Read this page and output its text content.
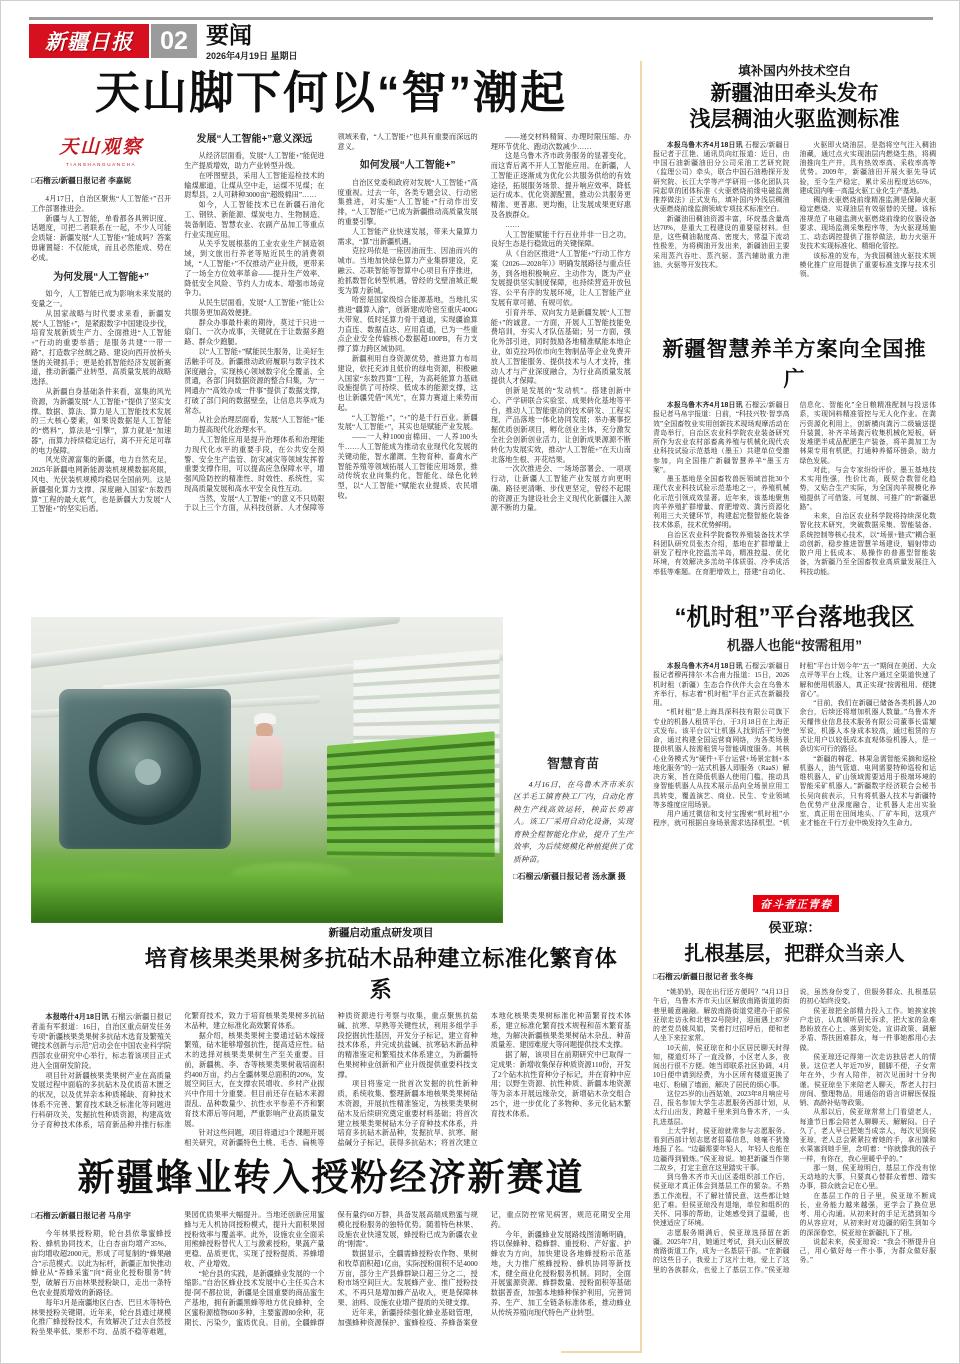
新疆日报	02 要闻
2026年4月19日 星期日
天山脚下何以“智”潮起
天山观察
TIANSHANGUANCHA

□石榴云/新疆日报记者 李嘉妮

4月17日，自治区聚焦“人工智能+”召开工作部署推进会。

新疆与人工智能，单看都各具辨识度、话题度，可把二者联系在一起，不少人可能会质疑：新疆发展“人工智能+”能成吗？答案毋庸置疑：不仅能成，而且必然能成、势在必成。

为何发展“人工智能+”

如今，人工智能已成为影响未来发展的变量之一。

从国家战略与时代要求来看，新疆发展“人工智能+”，是紧跟数字中国建设步伐，培育发展新质生产力、全面推进“人工智能+”行动的重要举措；是服务共建“一带一路”、打造数字丝绸之路、建设向西开放桥头堡的关键抓手；更是抢抓智能经济发展新赛道，推动新疆产业转型、高质量发展的战略选择。

从新疆自身基础条件来看，富集的风光资源，为新疆发展“人工智能+”提供了坚实支撑。数据、算法、算力是人工智能技术发展的三大核心要素，如果说数据是人工智能的“燃料”，算法是“引擎”，算力就是“加速器”，而算力持续稳定运行，离不开充足可靠的电力保障。

风光资源富集的新疆，电力自然充足，2025年新疆电网新能源装机规模数据亮眼，风电、光伏装机规模均稳居全国前列。这是新疆强化算力支撑、深度融入国家“东数西算”工程的最大底气，也是新疆大力发展“人工智能+”的坚实后盾。

发展“人工智能+”意义深远

从经济层面看，发展“人工智能+”能促进生产提质增效，助力产业转型升级。

在呼图壁县，采用人工智能巡检技术的输煤廊道，让煤从空中走，运煤不见煤；在尉犁县，2人可耕种3000亩“超级棉田”……

如今，人工智能技术已在新疆石油化工、钢铁、新能源、煤炭电力、生物制造、装备制造、智慧农业、农副产品加工等重点行业实现应用。

从关乎发展根基的工业农业生产制造领域，到文旅出行养老等贴近民生的消费领域，“人工智能+”不仅推动产业升级，更带来了一场全方位效率革命——提升生产效率、降低安全风险、节约人力成本、增强市场竞争力。

从民生层面看，发展“人工智能+”能让公共服务更加高效便捷。

群众办事最朴素的期待，莫过于只进一扇门、一次办成事，关键就在于让数据多跑路、群众少跑腿。

以“人工智能+”赋能民生服务，让美好生活触手可及。新疆推动政府履职与数字技术深度融合，实现核心领域数字化全覆盖、全贯通，各部门间数据资源的整合归集，为“一网通办”“高效办成一件事”提供了数据支撑，打破了部门间的数据壁垒，让信息共享成为常态。

从社会治理层面看，发展“人工智能+”能助力提高现代化治理水平。

人工智能应用是提升治理体系和治理能力现代化水平的重要手段，在公共安全预警、安全生产监管、防灾减灾等领域发挥着重要支撑作用，可以提高应急保障水平，增强风险防控的精准性、时效性、系统性，实现高质量发展和高水平安全良性互动。

当然，发展“人工智能+”的意义不只局限于以上三个方面，从科技创新、人才保障等领域来看，“人工智能+”也具有重要而深远的意义。

如何发展“人工智能+”

自治区党委和政府对发展“人工智能+”高度重视。过去一年，各类专题会议、行动密集推进，对实施“人工智能+”行动作出安排，“人工智能+”已成为新疆推动高质量发展的重要引擎。

人工智能产业快速发展，带来大量算力需求，“算”出新疆机遇。

克拉玛依是一座因油而生、因油而兴的城市。当地加快绿色算力产业集群建设，克融云、芯联智能等智算中心项目有序推进，抢抓数智化转型机遇，曾经的戈壁油城正蜕变为算力新城。

哈密是国家级综合能源基地，当地扎实推进“疆算入渝”，创新建成哈密至重庆400G大带宽、低时延算力骨干通道，实现疆渝算力直连、数据直达、应用直通，已为一些重点企业安全传输核心数据超100PB，有力支撑了算力跨区域协同。

新疆利用自身资源优势，推进算力布局建设，依托充沛且低价的绿电资源，积极融入国家“东数西算”工程，为高耗能算力基础设施提供了可持续、低成本的能源支撑，这也让新疆凭借“风光”，在算力赛道上乘势而起。

“人工智能+”，“+”的是千行百业。新疆发展“人工智能+”，其实也是赋能产业发展。

——一人种1000亩棉田、一人养100头牛……人工智能成为推动农业现代化发展的关键动能，智水灌溉、生物育种、畜禽水产智能养殖等领域拓展人工智能应用场景，推动传统农业向集约化、智能化、绿色化转型，以“人工智能+”赋能农业提质、农民增收。

——递交材料精简、办理时限压缩、办理环节优化、跑动次数减少……

这是乌鲁木齐市政务服务的显著变化，而这背后离不开人工智能应用。在新疆，人工智能正逐渐成为优化公共服务供给的有效途径，拓展服务场景、提升响应效率、降低运行成本、优化资源配置，推动公共服务更精准、更普惠、更均衡，让发展成果更好惠及各族群众。

……

人工智能赋能千行百业并非一日之功，良好生态是行稳致远的关键保障。

从《自治区推进“人工智能+”行动工作方案（2026—2028年）》明确发展路径与重点任务，到各地积极响应、主动作为，既为产业发展提供坚实制度保障，也持续营造开放包容、公平有序的发展环境，让人工智能产业发展有章可循、有规可依。

引育并举、双向发力是新疆发展“人工智能+”的诚意。一方面，开展人工智能技能免费培训，夯实人才队伍基础；另一方面，强化外部引进，同时鼓励各地精准赋能本地企业，如克拉玛依市向生物制品等企业免费开放人工智能服务、提供技术与人才支持，推动人才与产业深度融合，为行业高质量发展提供人才保障。

创新是发展的“发动机”。搭建创新中心、产学研联合实验室、成果转化基地等平台，推动人工智能驱动的技术研发、工程实现、产品落地一体化协同发展；举办赛事挖掘优质创新项目，孵化创业主体，充分激发全社会创新创业活力，让创新成果源源不断转化为发展实效，推动“人工智能+”在天山南北落地生根、开花结果。

一次次推进会、一场场部署会、一项项行动，让新疆人工智能产业发展方向更明确、路径更清晰、步伐更坚定，曾经不起眼的资源正为建设社会主义现代化新疆注入源源不断的力量。

填补国内外技术空白
新疆油田牵头发布
浅层稠油火驱监测标准

本报乌鲁木齐4月18日讯 石榴云/新疆日报记者于江艳、通讯员向红报道：近日，由中国石油新疆油田分公司采油工艺研究院（监理公司）牵头，联合中国石油勘探开发研究院、长江大学等产学研用一体化团队共同起草的团体标准《火驱燃烧前缘电磁监测推荐做法》正式发布，填补国内外浅层稠油火驱燃烧前缘监测领域专项技术标准空白。

新疆油田稠油资源丰富，环烷基含量高达70%，是重大工程建设的重要原材料。但是，这些稠油黏度高、密度大，常温下流动性极差，为将稠油开发出来，新疆油田主要采用蒸汽吞吐、蒸汽驱、蒸汽辅助重力泄油、火驱等开发技术。

火驱即火烧油层，是指将空气注入稠油油藏，通过点火实现油层内燃烧生热，将稠油推向生产井，具有热效率高、采收率高等优势。2009年，新疆油田开展火驱先导试验，至今生产稳定，累计采出程度达65%，建成国内唯一高温火驱工业化生产基地。

稠油火驱燃烧前缘精准监测是保障火驱稳定燃烧、实现油层有效驱替的关键。该标准规范了电磁监测火驱燃烧前缘的仪器设备要求、现场监测采集程序等，为火驱现场施工、动态调控提供了推荐做法，助力火驱开发技术实现标准化、精细化管控。

该标准的发布，为我国稠油火驱技术规模化推广应用提供了重要标准支撑与技术引领。

新疆智慧养羊方案向全国推广

本报乌鲁木齐4月18日讯 石榴云/新疆日报记者马帛宇报道：日前，“科技兴牧·智享高效”全国畜牧业实用创新技术现场观摩活动在青岛举行，自治区农业科学院农业装备研究所作为农业农村部畜禽养殖与机械化现代农业科技试验示范基地（墨玉）共建单位受邀参加，向全国推广新疆智慧养羊“墨玉方案”。

墨玉基地是全国畜牧兽医领域首批30个现代农业科技试验示范基地之一，养殖机械化示范引领成效显著。近年来，该基地聚焦肉羊养殖扩群增量、育肥增效、粪污资源化利用三大关键环节，构建起完整智能化装备技术体系，技术优势鲜明。

自治区农业科学院畜牧养殖装备技术学科团队研究员张杰介绍，基地在扩群增量上研发了程序化控温羔羊岛，精准控温、优化环境，有效解决多羔幼羊体质弱、冷季成活率低等难题。在育肥增效上，搭建“自动化、信息化、智能化”全日粮精准配制与投送体系，实现饲料精准管控与无人化作业。在粪污资源化利用上，创新横向粪污二级输送提升装置，补齐羊场粪污收集机械化短板，研发堆肥半成品配肥生产装备，将羊粪加工为林果专用有机肥，打通种养循环链条，助力绿色发展。

对此，与会专家纷纷评价，墨玉基地技术实用性强，性价比高，既契合数智化趋势，又贴合生产实际，为全国肉羊规模化养殖提供了可借鉴、可复制、可推广的“新疆思路”。

未来，自治区农业科学院将持续深化数智化技术研究，突破数据采集、智能装备、系统控制等核心技术，以“场景+链式”耦合驱动创新，稳步推进智慧羊场建设，辐射带动散户用上低成本、易操作的普惠型智能装备，为新疆乃至全国畜牧业高质量发展注入科技动能。

“机时租”平台落地我区
机器人也能“按需租用”

本报乌鲁木齐4月18日讯 石榴云/新疆日报记者穆再排尔·木合甫力报道：15日，2026机时租（新疆）生态合作伙伴大会在乌鲁木齐举行，标志着“机时租”平台正式在新疆投用。

“机时租”是上海具深科技有限公司旗下专业的机器人租赁平台，于3月18日在上海正式发布。该平台以“让机器人找到活干”为使命，通过构建全国运营商网络，为各类场景提供机器人按需租赁与智能调度服务。其核心业务模式为“硬件+平台运营+场景定制+本地化服务”的一站式机器人即服务（RaaS）解决方案，旨在降低机器人使用门槛，推动具身智能机器人从技术展示品向全场景应用工具转变，覆盖演艺、商业、民生、专业领域等多维度应用场景。

用户通过微信和支付宝搜索“机时租”小程序，就可根据自身场景需求选择机型。“机时租”平台计划今年“五一”期间在美团、大众点评等平台上线，让客户通过全渠道快速了解和使用机器人，真正实现“按需租用、便捷省心”。

“目前，我们在新疆已储备各类机器人20余台，后续还将增加机器人数量。”乌鲁木齐天耀伟业信息技术服务有限公司董事长雷耀军说，机器人本身成本较高，通过租赁的方式让用户以较低成本直观体验机器人，是一条切实可行的路径。

“新疆的棉花、林果急需智能采摘和巡检机器人，油气管道、电网需要特种巡检和运维机器人，矿山领域需要适用于极端环境的智能采矿机器人。”新疆数字经济联合会秘书长吴向前表示，只有将机器人技术与新疆特色优势产业深度融合，让机器人走出实验室，真正用在田间地头、厂矿车间，这项产业才能在千行万业中焕发持久生命力。

奋斗者正青春
侯亚琼：
扎根基层，把群众当亲人
□石榴云/新疆日报记者 张冬梅

“姚奶奶，现在出行还方便吗？”4月13日午后，乌鲁木齐市天山区解放南路街道的街巷里暖意融融。解放南路街道党建办干部侯亚琼走访永和北巷22号院时，迎面遇上87岁的老党员姚凤娟，笑着打过招呼后，便和老人坐下来拉家常。

10天前，侯亚琼在和小区居民聊天时得知，楼道灯坏了一直没修，小区老人多，夜间出行很不方便。她当即联系社区协调，4月10日便申请到经费，为小区所有楼道更换了电灯、粉刷了墙面，解决了居民的烦心事。

这位25岁的山西姑娘，2023年8月响应号召，报名参加大学生志愿服务西部计划，从太行山出发，跨越千里来到乌鲁木齐，一头扎进基层。

上大学时，侯亚琼就常参与志愿服务。看到西部计划志愿者招募信息，她毫不犹豫地报了名。“边疆需要年轻人，年轻人也能在边疆得到锻炼。”侯亚琼说。她把新疆当作第二故乡，打定主意在这里踏实干事。

到乌鲁木齐市天山区委组织部工作后，侯亚琼才真正体会到基层工作的繁杂。不熟悉工作流程，不了解社情民意，这些都让她犯了难。但侯亚琼没有退缩，单位和组织的关怀、同事的帮助，让她感受到了温暖，也快速适应了环境。

志愿服务期满后，侯亚琼选择留在新疆。2025年7月，她通过考试，到天山区解放南路街道工作，成为一名基层干部。“在新疆的这些日子，我爱上了这片土地，爱上了这里的各族群众，也爱上了基层工作。”侯亚琼说，虽然身份变了，但服务群众、扎根基层的初心始终没变。

侯亚琼把全部精力投入工作。她挨家挨户走访，认真倾听居民诉求，把大家的急难愁盼放在心上、落到实处。宣讲政策、调解矛盾、帮扶困难群众，每一件事她都用心去做。

侯亚琼还记得第一次走访独居老人的情景。这位老人年近70岁，腿脚不便，子女常年在外，少有人陪伴，初次见面时十分拘谨。侯亚琼坐下来陪老人聊天，帮老人打扫房间、整理物品，用通俗的语言讲解医保报销、高龄补贴等政策。

从那以后，侯亚琼常常上门看望老人，每逢节日都会陪老人聊聊天、解解闷。日子久了，老人早已把她当成亲人，每次见到侯亚琼，老人总会紧紧拉着她的手，拿出馕和水果塞到她手里，念叨着：“你就像我的孩子一样，有你在，我心里暖乎乎的。”

那一刻，侯亚琼明白，基层工作没有惊天动地的大事，只要真心替群众着想、踏实办事，群众就会记在心里。

在基层工作的日子里，侯亚琼不断成长，业务能力越来越强，更学会了换位思考、用心沟通。从初来时的手足无措到如今的从容应对，从初来时对边疆的陌生到如今的深深眷恋，侯亚琼在新疆扎下了根。

说起未来，侯亚琼说：“我会不断提升自己，用心做好每一件小事，为群众做好服务。”

智慧育苗
4月16日，在乌鲁木齐市米东区羊毛工镇育秧工厂内，自动化育秧生产线高效运转，秧苗长势喜人。该工厂采用自动化设备，实现育秧全程智能化作业，提升了生产效率，为后续规模化种植提供了优质种苗。
□石榴云/新疆日报记者 汤永灏 摄
新疆启动重点研发项目
培育核果类果树多抗砧木品种建立标准化繁育体系

本报喀什4月18日讯 石榴云/新疆日报记者盖有军报道：16日，自治区重点研发任务专项“新疆核果类果树多抗砧木选育及繁殖关键技术创新与示范”启动会在中国农业科学院西部农业研究中心举行，标志着该项目正式进入全面研发阶段。

项目针对新疆核果类果树产业在高质量发展过程中面临的多抗砧木及优质苗木匮乏的状况，以及优异亲本种质稀缺、育种技术体系不完善、繁育技术缺乏标准化等问题进行科研攻关，发掘抗性种质资源，构建高效分子育种技术体系，培育新品种并推行标准化繁育技术，致力于培育核果类果树多抗砧木品种，建立标准化高效繁育体系。

据介绍，核果类果树主要通过砧木嫁接繁殖，砧木能够增强抗性，提高适应性。砧木的选择对核果类果树生产至关重要。目前，新疆桃、李、杏等核果类果树栽培面积约400万亩，约占全疆林果总面积的20%，发展空间巨大，在支撑农民增收、乡村产业振兴中作用十分重要。但目前还存在砧木来源混乱、品种数量少、抗性水平参差不齐和繁育技术滞后等问题，严重影响产业高质量发展。

针对这些问题，项目将通过3个课题开展相关研究，对新疆特色土桃、毛杏、扁桃等种质资源进行考察与收集，重点聚焦抗盐碱、抗寒、早熟等关键性状，利用多组学手段挖掘抗性基因，开发分子标记，建立育种技术体系，并完成抗盐碱、抗寒砧木新品种的精准鉴定和繁殖技术体系建立，为新疆特色果树种业创新和产业升级提供重要科技支撑。

项目将鉴定一批首次发掘的抗性新种质，系统收集、整理新疆本地核果类果树砧木资源，开展抗性精准鉴定，为核果类果树砧木及后续研究奠定重要材料基础；将首次建立核果类果树砧木分子育种技术体系，并培育多抗砧木新品种，发掘抗旱、抗寒、耐盐碱分子标记，获得多抗砧木；将首次建立本地化核果类果树标准化种苗繁育技术体系，建立标准化繁育技术规程和苗木繁育基地，为解决新疆核果类果树砧木杂乱、种苗质量差、建园难度大等问题提供技术支撑。

据了解，该项目在前期研究中已取得一定成果：新增收集保存种质资源110份，开发了2个砧木抗性育种分子标记，并在育种中应用；以野生资源、抗性种质、新疆本地资源等为亲本开展远缘杂交，新增砧木杂交组合25个，进一步优化了多物种、多元化砧木繁育技术体系。

新疆蜂业转入授粉经济新赛道

□石榴云/新疆日报记者 马帛宇

今年林果授粉期，轮台县依靠蜜蜂授粉、蜂机协同技术，让白杏亩均增产35%、亩均增收超2000元，形成了可复制的“蜂果融合”示范模式。以此为标杆，新疆正加快推动蜂业从“养蜂采蜜”向“商业化授粉服务”转型，破解百万亩林果授粉缺口，走出一条特色农业提质增效的新路径。

每年3月是南疆地区白杏、巴旦木等特色林果授粉关键期。近年来，轮台县通过规模化推广蜂授粉技术，有效解决了过去自然授粉坐果率低、果形不均、品质不稳等难题，果园优质果率大幅提升。当地还创新应用蜜蜂与无人机协同授粉模式，提升大面积果园授粉效率与覆盖率。此外，设施农业全面采用熊蜂授粉替代人工与激素授粉，果蔬产量更稳、品质更优，实现了授粉提质、养蜂增收、产业增效。

“轮台县的实践，是新疆蜂业发展的一个缩影。”自治区蜂业技术发展中心主任买合木提·阿不都拉说，新疆是全国重要的商品蜜生产基地，拥有新疆黑蜂等地方优良蜂种，全区蜜粉源植物600多种，主要蜜源80余种，花期长、污染少，蜜质优良。目前，全疆蜂群保有量约60万群，具备发展高端成熟蜜与规模化授粉服务的独特优势。随着特色林果、设施农业快速发展，蜂授粉已成为新疆农业的“刚需”。

数据显示，全疆需蜂授粉农作物、果树和牧草面积超1亿亩，实际授粉面积不足4000万亩，部分主产县蜂群缺口超三分之二，授粉市场空间巨大。发展蜂产业、推广授粉技术，不再只是增加蜂产品收入，更是保障林果、油料、设施农业增产提质的关键支撑。

近年来，新疆持续强化蜂业基础管理，加强蜂种资源保护、蜜蜂检疫、养蜂备案登记，重点防控常见病害，规范花期安全用药。

今年，新疆蜂业发展路线图清晰明确，将以保蜂种、稳蜂群、重授粉、产好蜜、护蜂农为方向，加快建设各地蜂授粉示范基地，大力推广熊蜂授粉、蜂机协同等新技术，健全商业化授粉服务机制。同时，全面开展蜜源资源、蜂群数量、授粉面积等基础数据普查，加强本地蜂种保护利用，完善饲养、生产、加工全链条标准体系，推动蜂业从传统养殖向现代特色产业转型。
